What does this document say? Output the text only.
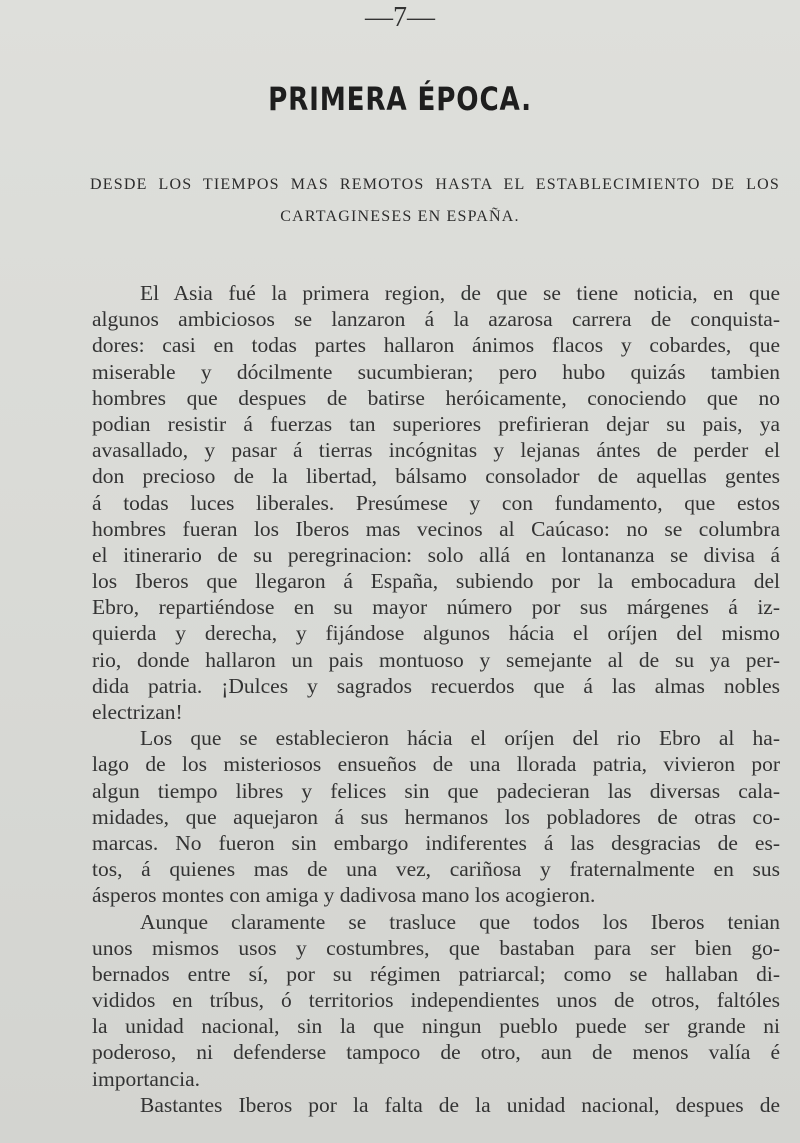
—7—
PRIMERA ÉPOCA.
DESDE LOS TIEMPOS MAS REMOTOS HASTA EL ESTABLECIMIENTO DE LOS
CARTAGINESES EN ESPAÑA.
El Asia fué la primera region, de que se tiene noticia, en que
algunos ambiciosos se lanzaron á la azarosa carrera de conquista-
dores: casi en todas partes hallaron ánimos flacos y cobardes, que
miserable y dócilmente sucumbieran; pero hubo quizás tambien
hombres que despues de batirse heróicamente, conociendo que no
podian resistir á fuerzas tan superiores prefirieran dejar su pais, ya
avasallado, y pasar á tierras incógnitas y lejanas ántes de perder el
don precioso de la libertad, bálsamo consolador de aquellas gentes
á todas luces liberales. Presúmese y con fundamento, que estos
hombres fueran los Iberos mas vecinos al Caúcaso: no se columbra
el itinerario de su peregrinacion: solo allá en lontananza se divisa á
los Iberos que llegaron á España, subiendo por la embocadura del
Ebro, repartiéndose en su mayor número por sus márgenes á iz-
quierda y derecha, y fijándose algunos hácia el oríjen del mismo
rio, donde hallaron un pais montuoso y semejante al de su ya per-
dida patria. ¡Dulces y sagrados recuerdos que á las almas nobles
electrizan!
Los que se establecieron hácia el oríjen del rio Ebro al ha-
lago de los misteriosos ensueños de una llorada patria, vivieron por
algun tiempo libres y felices sin que padecieran las diversas cala-
midades, que aquejaron á sus hermanos los pobladores de otras co-
marcas. No fueron sin embargo indiferentes á las desgracias de es-
tos, á quienes mas de una vez, cariñosa y fraternalmente en sus
ásperos montes con amiga y dadivosa mano los acogieron.
Aunque claramente se trasluce que todos los Iberos tenian
unos mismos usos y costumbres, que bastaban para ser bien go-
bernados entre sí, por su régimen patriarcal; como se hallaban di-
vididos en tríbus, ó territorios independientes unos de otros, faltóles
la unidad nacional, sin la que ningun pueblo puede ser grande ni
poderoso, ni defenderse tampoco de otro, aun de menos valía é
importancia.
Bastantes Iberos por la falta de la unidad nacional, despues de
